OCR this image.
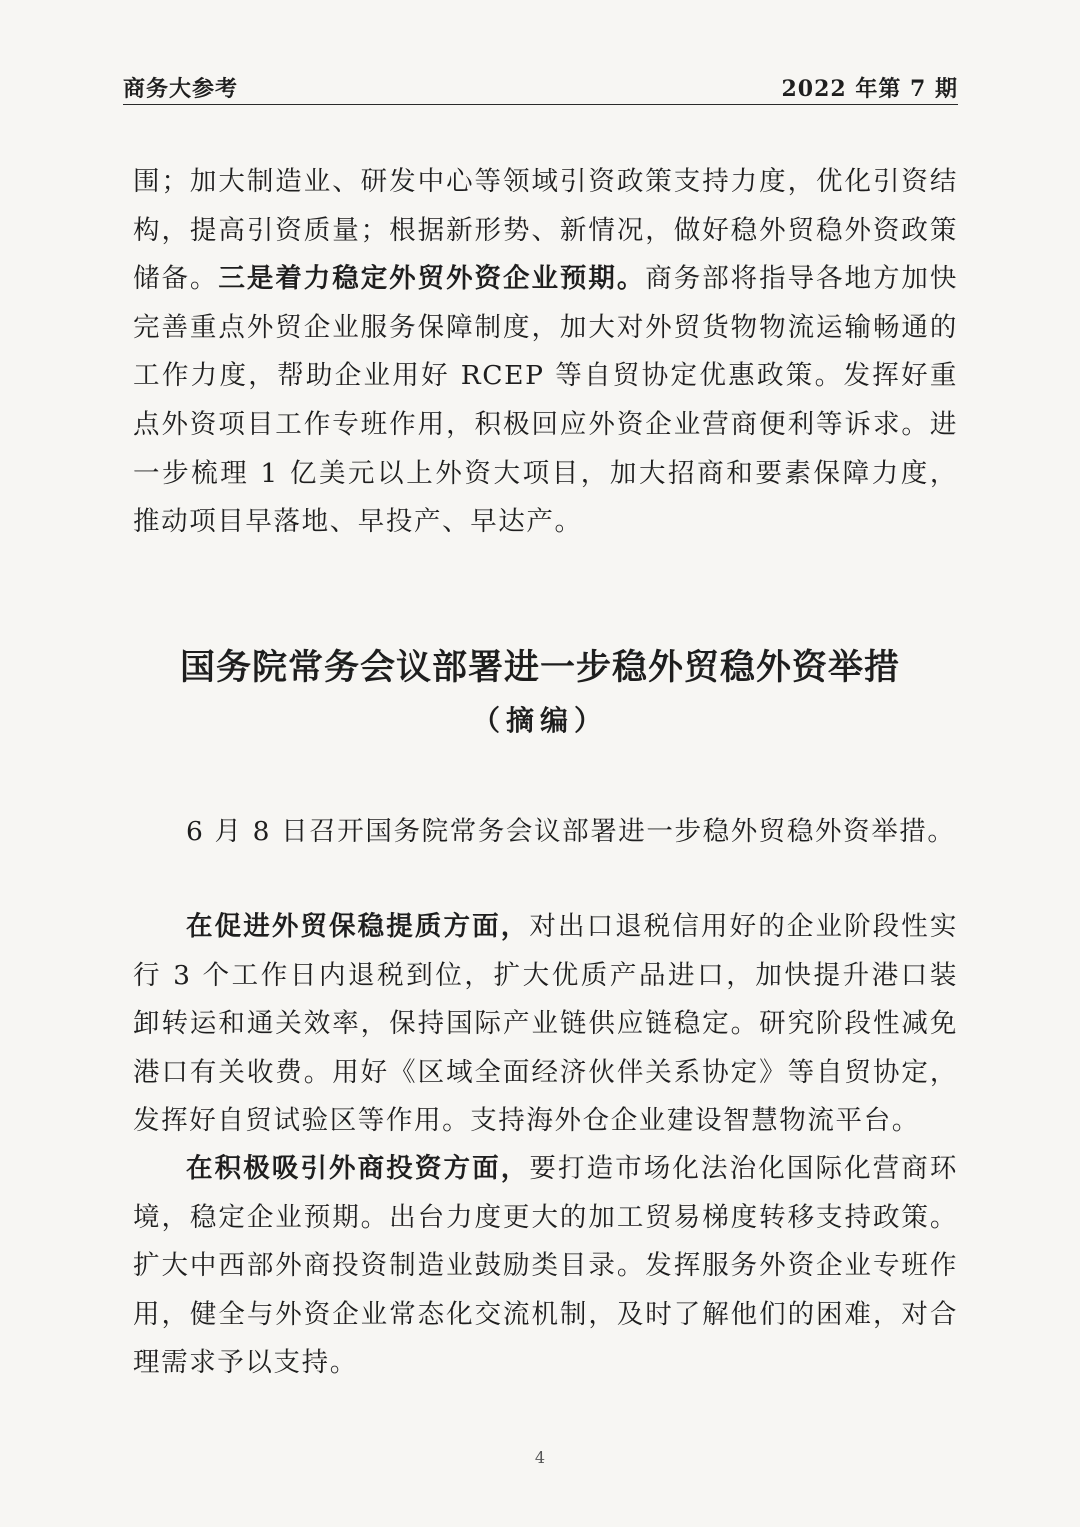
商务大参考	2022 年第 7 期

围；加大制造业、研发中心等领域引资政策支持力度，优化引资结构，提高引资质量；根据新形势、新情况，做好稳外贸稳外资政策储备。三是着力稳定外贸外资企业预期。商务部将指导各地方加快完善重点外贸企业服务保障制度，加大对外贸货物物流运输畅通的工作力度，帮助企业用好 RCEP 等自贸协定优惠政策。发挥好重点外资项目工作专班作用，积极回应外资企业营商便利等诉求。进一步梳理 1 亿美元以上外资大项目，加大招商和要素保障力度，推动项目早落地、早投产、早达产。

国务院常务会议部署进一步稳外贸稳外资举措
（摘编）

6 月 8 日召开国务院常务会议部署进一步稳外贸稳外资举措。

在促进外贸保稳提质方面，对出口退税信用好的企业阶段性实行 3 个工作日内退税到位，扩大优质产品进口，加快提升港口装卸转运和通关效率，保持国际产业链供应链稳定。研究阶段性减免港口有关收费。用好《区域全面经济伙伴关系协定》等自贸协定，发挥好自贸试验区等作用。支持海外仓企业建设智慧物流平台。

在积极吸引外商投资方面，要打造市场化法治化国际化营商环境，稳定企业预期。出台力度更大的加工贸易梯度转移支持政策。扩大中西部外商投资制造业鼓励类目录。发挥服务外资企业专班作用，健全与外资企业常态化交流机制，及时了解他们的困难，对合理需求予以支持。

4
